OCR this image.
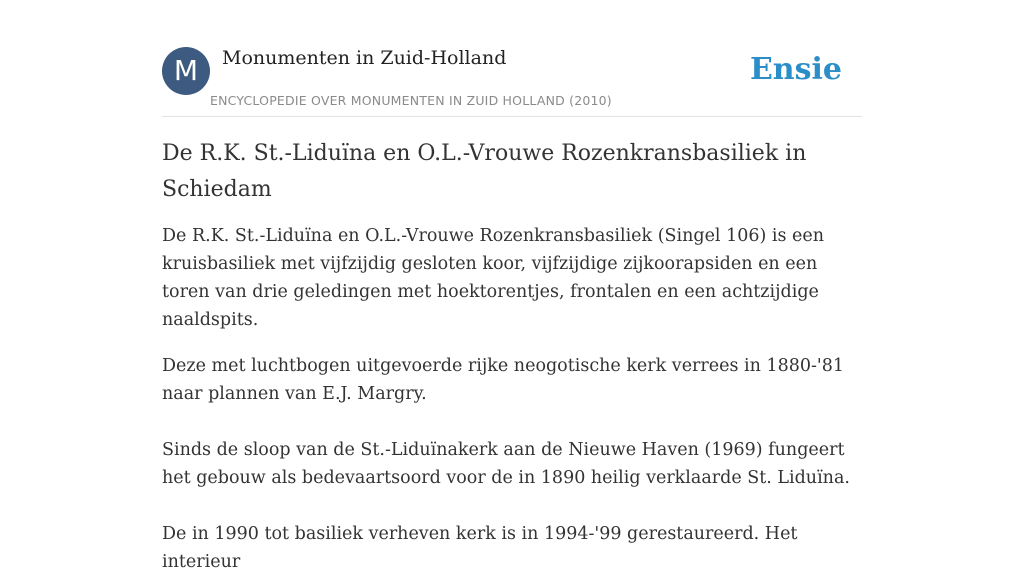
M	Monumenten in Zuid-Holland
ENCYCLOPEDIE OVER MONUMENTEN IN ZUID HOLLAND (2010)
Ensie
De R.K. St.-Liduïna en O.L.-Vrouwe Rozenkransbasiliek in Schiedam

De R.K. St.-Liduïna en O.L.-Vrouwe Rozenkransbasiliek (Singel 106) is een kruisbasiliek met vijfzijdig gesloten koor, vijfzijdige zijkoorapsiden en een toren van drie geledingen met hoektorentjes, frontalen en een achtzijdige naaldspits.

Deze met luchtbogen uitgevoerde rijke neogotische kerk verrees in 1880-'81 naar plannen van E.J. Margry.

Sinds de sloop van de St.-Liduïnakerk aan de Nieuwe Haven (1969) fungeert het gebouw als bedevaartsoord voor de in 1890 heilig verklaarde St. Liduïna.

De in 1990 tot basiliek verheven kerk is in 1994-'99 gerestaureerd. Het interieur
